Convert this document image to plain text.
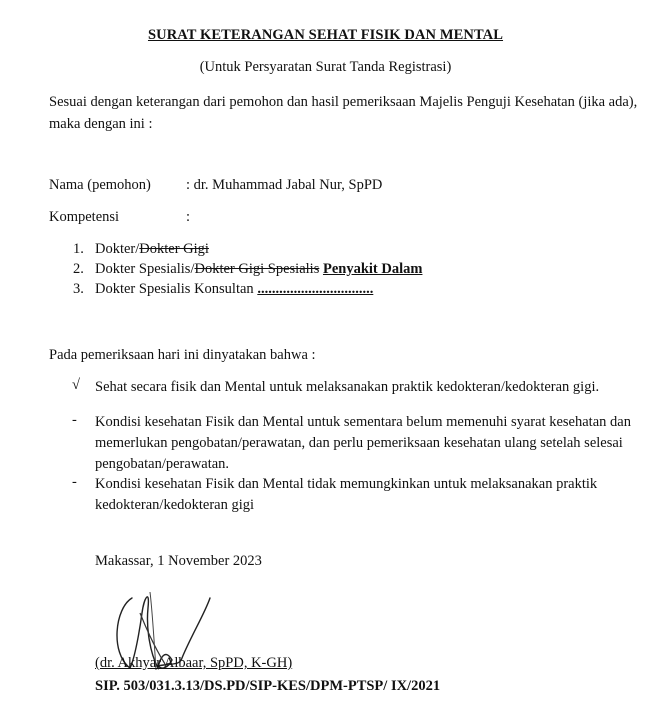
SURAT KETERANGAN SEHAT FISIK DAN MENTAL
(Untuk Persyaratan Surat Tanda Registrasi)
Sesuai dengan keterangan dari pemohon dan hasil pemeriksaan Majelis Penguji Kesehatan (jika ada), maka dengan ini :
Nama (pemohon) : dr. Muhammad Jabal Nur, SpPD
Kompetensi	:
1. Dokter/Dokter Gigi
2. Dokter Spesialis/Dokter Gigi Spesialis Penyakit Dalam
3. Dokter Spesialis Konsultan ................................
Pada pemeriksaan hari ini dinyatakan bahwa :
√ Sehat secara fisik dan Mental untuk melaksanakan praktik kedokteran/kedokteran gigi.
-	Kondisi kesehatan Fisik dan Mental untuk sementara belum memenuhi syarat kesehatan dan memerlukan pengobatan/perawatan, dan perlu pemeriksaan kesehatan ulang setelah selesai pengobatan/perawatan.
-	Kondisi kesehatan Fisik dan Mental tidak memungkinkan untuk melaksanakan praktik kedokteran/kedokteran gigi
Makassar, 1 November 2023
(dr. Akhyar Albaar, SpPD, K-GH)
SIP. 503/031.3.13/DS.PD/SIP-KES/DPM-PTSP/ IX/2021
